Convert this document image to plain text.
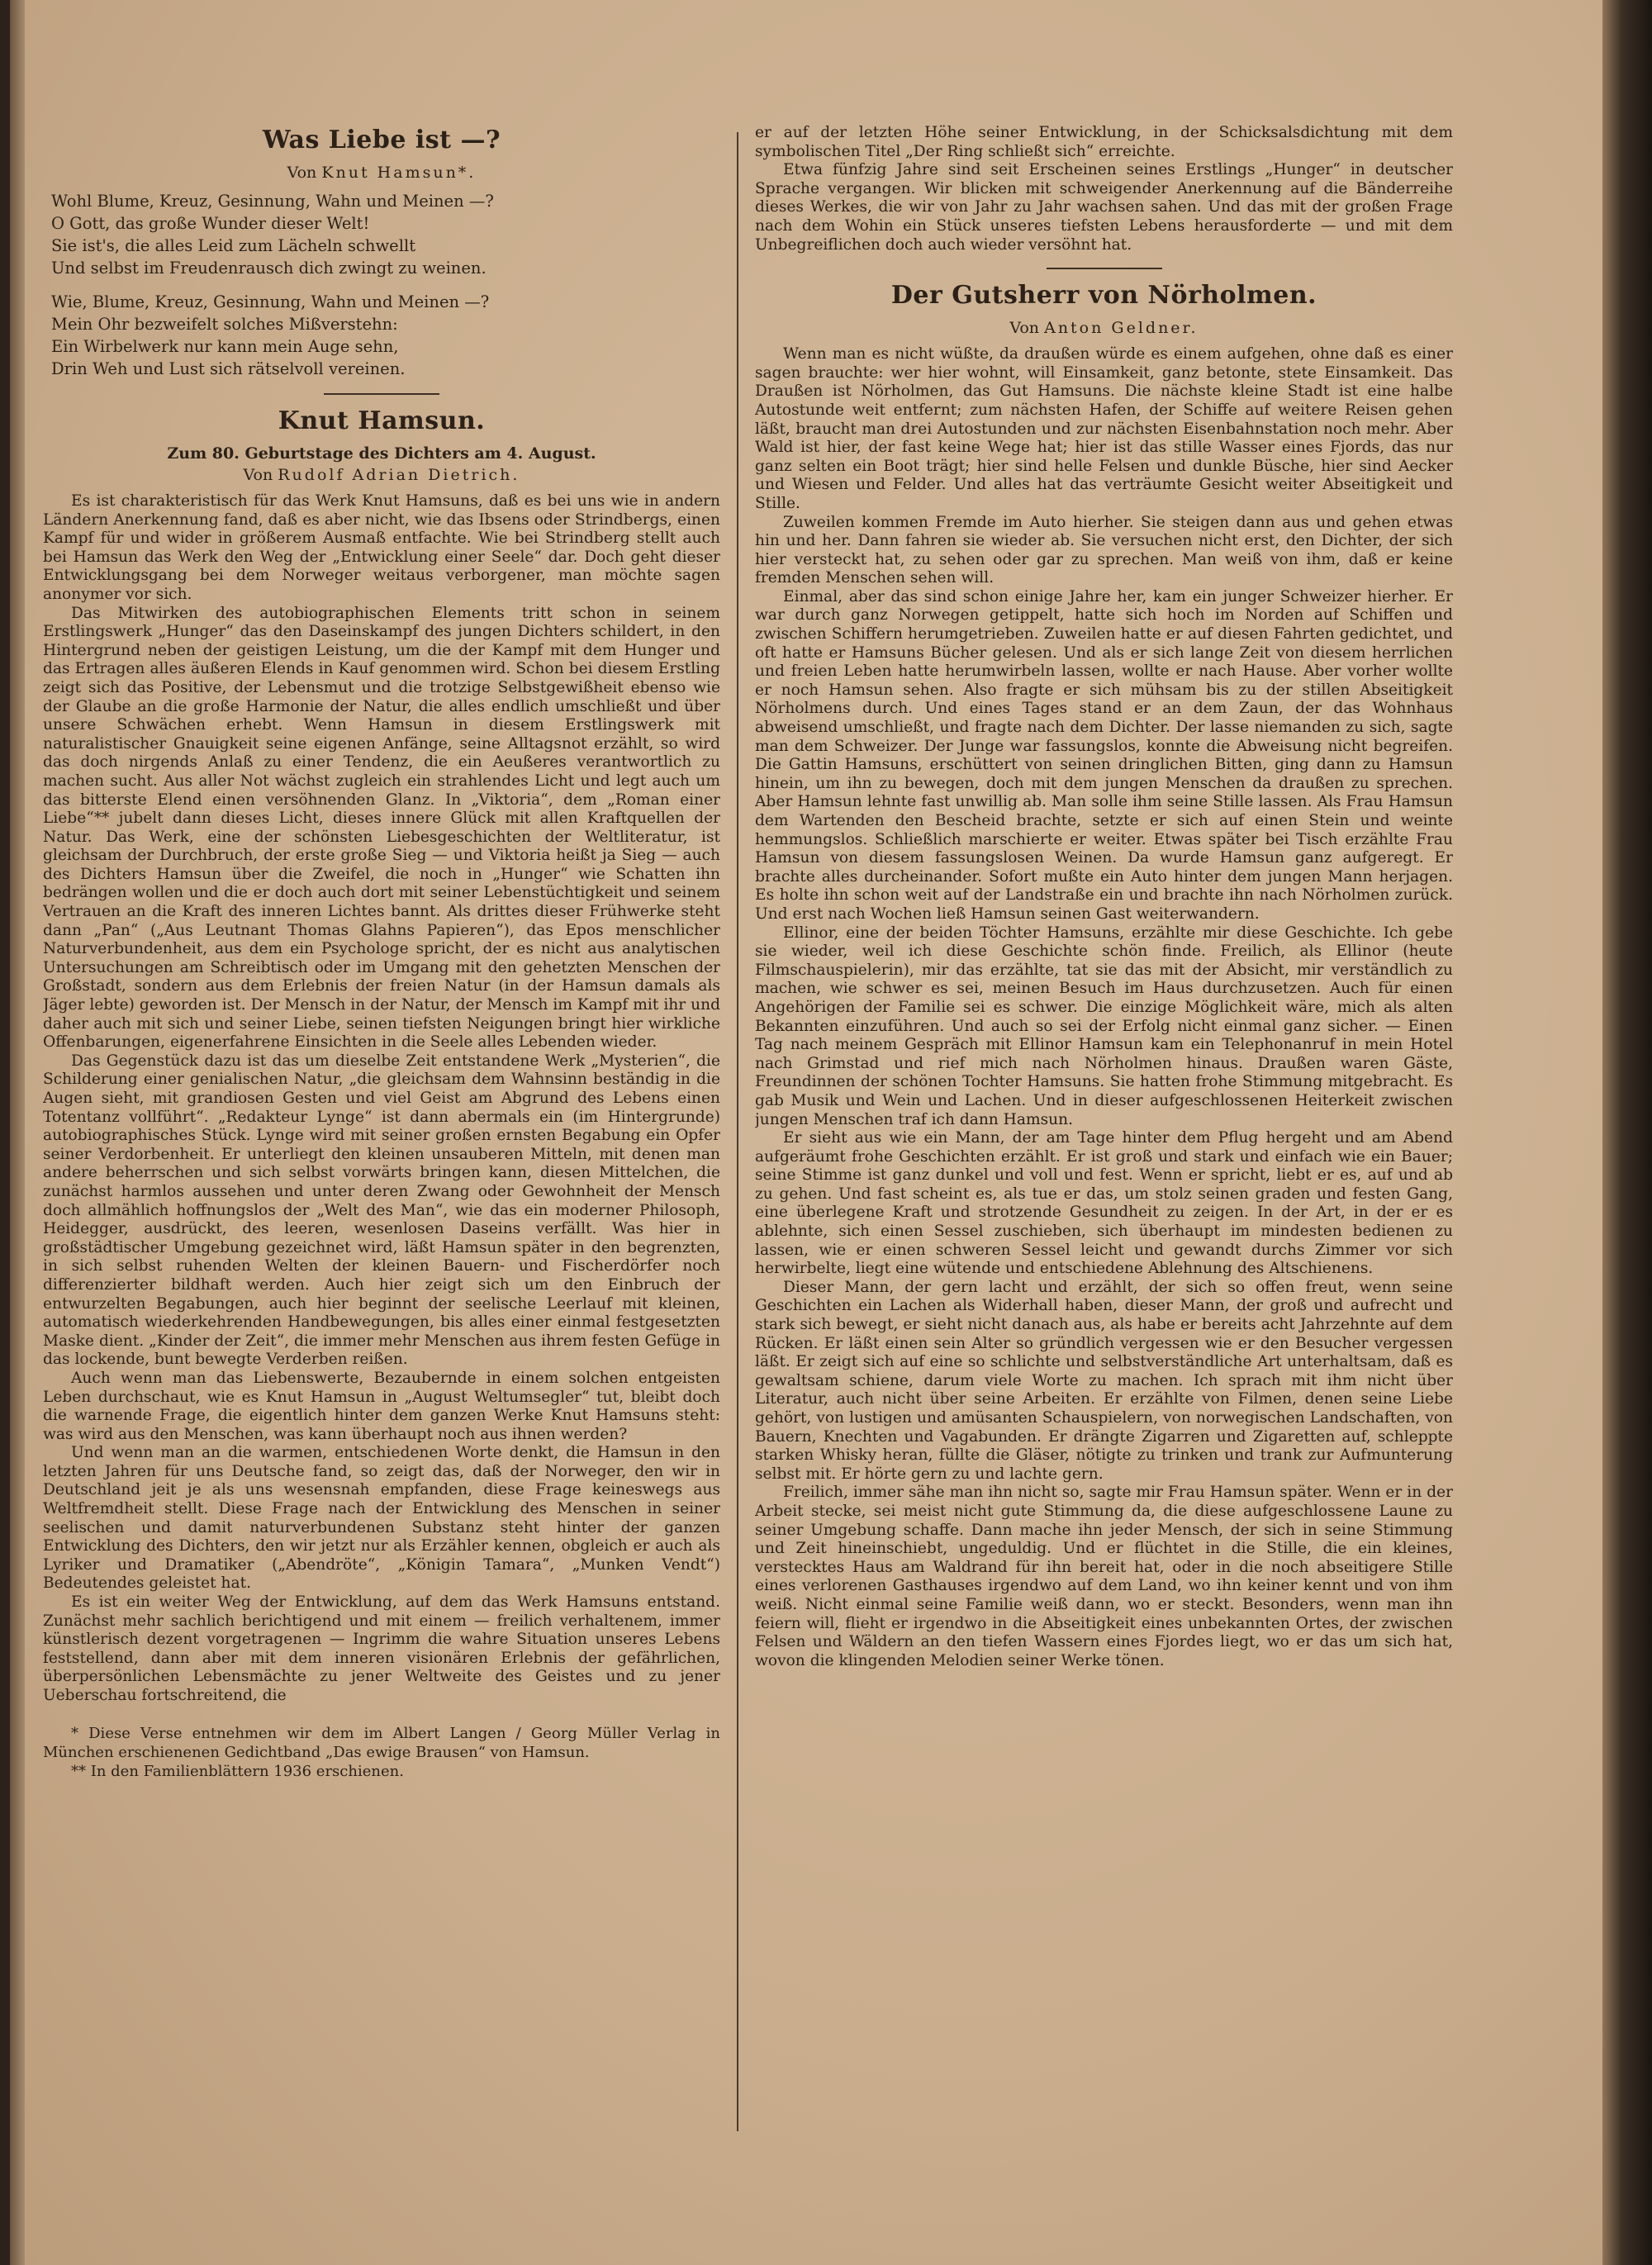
Was Liebe ist —?
Von Knut Hamsun*.
Wohl Blume, Kreuz, Gesinnung, Wahn und Meinen —?
O Gott, das große Wunder dieser Welt!
Sie ist's, die alles Leid zum Lächeln schwellt
Und selbst im Freudenrausch dich zwingt zu weinen.
Wie, Blume, Kreuz, Gesinnung, Wahn und Meinen —?
Mein Ohr bezweifelt solches Mißverstehn:
Ein Wirbelwerk nur kann mein Auge sehn,
Drin Weh und Lust sich rätselvoll vereinen.
Knut Hamsun.
Zum 80. Geburtstage des Dichters am 4. August.
Von Rudolf Adrian Dietrich.

Es ist charakteristisch für das Werk Knut Hamsuns, daß es bei uns wie in andern Ländern Anerkennung fand, daß es aber nicht, wie das Ibsens oder Strindbergs, einen Kampf für und wider in größerem Ausmaß entfachte. Wie bei Strindberg stellt auch bei Hamsun das Werk den Weg der „Entwicklung einer Seele“ dar. Doch geht dieser Entwicklungsgang bei dem Norweger weitaus verborgener, man möchte sagen anonymer vor sich.

Das Mitwirken des autobiographischen Elements tritt schon in seinem Erstlingswerk „Hunger“ das den Daseinskampf des jungen Dichters schildert, in den Hintergrund neben der geistigen Leistung, um die der Kampf mit dem Hunger und das Ertragen alles äußeren Elends in Kauf genommen wird. Schon bei diesem Erstling zeigt sich das Positive, der Lebensmut und die trotzige Selbstgewißheit ebenso wie der Glaube an die große Harmonie der Natur, die alles endlich umschließt und über unsere Schwächen erhebt. Wenn Hamsun in diesem Erstlingswerk mit naturalistischer Gnauigkeit seine eigenen Anfänge, seine Alltagsnot erzählt, so wird das doch nirgends Anlaß zu einer Tendenz, die ein Aeußeres verantwortlich zu machen sucht. Aus aller Not wächst zugleich ein strahlendes Licht und legt auch um das bitterste Elend einen versöhnenden Glanz. In „Viktoria“, dem „Roman einer Liebe“** jubelt dann dieses Licht, dieses innere Glück mit allen Kraftquellen der Natur. Das Werk, eine der schönsten Liebesgeschichten der Weltliteratur, ist gleichsam der Durchbruch, der erste große Sieg — und Viktoria heißt ja Sieg — auch des Dichters Hamsun über die Zweifel, die noch in „Hunger“ wie Schatten ihn bedrängen wollen und die er doch auch dort mit seiner Lebenstüchtigkeit und seinem Vertrauen an die Kraft des inneren Lichtes bannt. Als drittes dieser Frühwerke steht dann „Pan“ („Aus Leutnant Thomas Glahns Papieren“), das Epos menschlicher Naturverbundenheit, aus dem ein Psychologe spricht, der es nicht aus analytischen Untersuchungen am Schreibtisch oder im Umgang mit den gehetzten Menschen der Großstadt, sondern aus dem Erlebnis der freien Natur (in der Hamsun damals als Jäger lebte) geworden ist. Der Mensch in der Natur, der Mensch im Kampf mit ihr und daher auch mit sich und seiner Liebe, seinen tiefsten Neigungen bringt hier wirkliche Offenbarungen, eigenerfahrene Einsichten in die Seele alles Lebenden wieder.

Das Gegenstück dazu ist das um dieselbe Zeit entstandene Werk „Mysterien“, die Schilderung einer genialischen Natur, „die gleichsam dem Wahnsinn beständig in die Augen sieht, mit grandiosen Gesten und viel Geist am Abgrund des Lebens einen Totentanz vollführt“. „Redakteur Lynge“ ist dann abermals ein (im Hintergrunde) autobiographisches Stück. Lynge wird mit seiner großen ernsten Begabung ein Opfer seiner Verdorbenheit. Er unterliegt den kleinen unsauberen Mitteln, mit denen man andere beherrschen und sich selbst vorwärts bringen kann, diesen Mittelchen, die zunächst harmlos aussehen und unter deren Zwang oder Gewohnheit der Mensch doch allmählich hoffnungslos der „Welt des Man“, wie das ein moderner Philosoph, Heidegger, ausdrückt, des leeren, wesenlosen Daseins verfällt. Was hier in großstädtischer Umgebung gezeichnet wird, läßt Hamsun später in den begrenzten, in sich selbst ruhenden Welten der kleinen Bauern- und Fischerdörfer noch differenzierter bildhaft werden. Auch hier zeigt sich um den Einbruch der entwurzelten Begabungen, auch hier beginnt der seelische Leerlauf mit kleinen, automatisch wiederkehrenden Handbewegungen, bis alles einer einmal festgesetzten Maske dient. „Kinder der Zeit“, die immer mehr Menschen aus ihrem festen Gefüge in das lockende, bunt bewegte Verderben reißen.

Auch wenn man das Liebenswerte, Bezaubernde in einem solchen entgeisten Leben durchschaut, wie es Knut Hamsun in „August Weltumsegler“ tut, bleibt doch die warnende Frage, die eigentlich hinter dem ganzen Werke Knut Hamsuns steht: was wird aus den Menschen, was kann überhaupt noch aus ihnen werden?

Und wenn man an die warmen, entschiedenen Worte denkt, die Hamsun in den letzten Jahren für uns Deutsche fand, so zeigt das, daß der Norweger, den wir in Deutschland jeit je als uns wesensnah empfanden, diese Frage keineswegs aus Weltfremdheit stellt. Diese Frage nach der Entwicklung des Menschen in seiner seelischen und damit naturverbundenen Substanz steht hinter der ganzen Entwicklung des Dichters, den wir jetzt nur als Erzähler kennen, obgleich er auch als Lyriker und Dramatiker („Abendröte“, „Königin Tamara“, „Munken Vendt“) Bedeutendes geleistet hat.

Es ist ein weiter Weg der Entwicklung, auf dem das Werk Hamsuns entstand. Zunächst mehr sachlich berichtigend und mit einem — freilich verhaltenem, immer künstlerisch dezent vorgetragenen — Ingrimm die wahre Situation unseres Lebens feststellend, dann aber mit dem inneren visionären Erlebnis der gefährlichen, überpersönlichen Lebensmächte zu jener Weltweite des Geistes und zu jener Ueberschau fortschreitend, die

* Diese Verse entnehmen wir dem im Albert Langen / Georg Müller Verlag in München erschienenen Gedichtband „Das ewige Brausen“ von Hamsun.

** In den Familienblättern 1936 erschienen.

er auf der letzten Höhe seiner Entwicklung, in der Schicksalsdichtung mit dem symbolischen Titel „Der Ring schließt sich“ erreichte.

Etwa fünfzig Jahre sind seit Erscheinen seines Erstlings „Hunger“ in deutscher Sprache vergangen. Wir blicken mit schweigender Anerkennung auf die Bänderreihe dieses Werkes, die wir von Jahr zu Jahr wachsen sahen. Und das mit der großen Frage nach dem Wohin ein Stück unseres tiefsten Lebens herausforderte — und mit dem Unbegreiflichen doch auch wieder versöhnt hat.

Der Gutsherr von Nörholmen.
Von Anton Geldner.

Wenn man es nicht wüßte, da draußen würde es einem aufgehen, ohne daß es einer sagen brauchte: wer hier wohnt, will Einsamkeit, ganz betonte, stete Einsamkeit. Das Draußen ist Nörholmen, das Gut Hamsuns. Die nächste kleine Stadt ist eine halbe Autostunde weit entfernt; zum nächsten Hafen, der Schiffe auf weitere Reisen gehen läßt, braucht man drei Autostunden und zur nächsten Eisenbahnstation noch mehr. Aber Wald ist hier, der fast keine Wege hat; hier ist das stille Wasser eines Fjords, das nur ganz selten ein Boot trägt; hier sind helle Felsen und dunkle Büsche, hier sind Aecker und Wiesen und Felder. Und alles hat das verträumte Gesicht weiter Abseitigkeit und Stille.

Zuweilen kommen Fremde im Auto hierher. Sie steigen dann aus und gehen etwas hin und her. Dann fahren sie wieder ab. Sie versuchen nicht erst, den Dichter, der sich hier versteckt hat, zu sehen oder gar zu sprechen. Man weiß von ihm, daß er keine fremden Menschen sehen will.

Einmal, aber das sind schon einige Jahre her, kam ein junger Schweizer hierher. Er war durch ganz Norwegen getippelt, hatte sich hoch im Norden auf Schiffen und zwischen Schiffern herumgetrieben. Zuweilen hatte er auf diesen Fahrten gedichtet, und oft hatte er Hamsuns Bücher gelesen. Und als er sich lange Zeit von diesem herrlichen und freien Leben hatte herumwirbeln lassen, wollte er nach Hause. Aber vorher wollte er noch Hamsun sehen. Also fragte er sich mühsam bis zu der stillen Abseitigkeit Nörholmens durch. Und eines Tages stand er an dem Zaun, der das Wohnhaus abweisend umschließt, und fragte nach dem Dichter. Der lasse niemanden zu sich, sagte man dem Schweizer. Der Junge war fassungslos, konnte die Abweisung nicht begreifen. Die Gattin Hamsuns, erschüttert von seinen dringlichen Bitten, ging dann zu Hamsun hinein, um ihn zu bewegen, doch mit dem jungen Menschen da draußen zu sprechen. Aber Hamsun lehnte fast unwillig ab. Man solle ihm seine Stille lassen. Als Frau Hamsun dem Wartenden den Bescheid brachte, setzte er sich auf einen Stein und weinte hemmungslos. Schließlich marschierte er weiter. Etwas später bei Tisch erzählte Frau Hamsun von diesem fassungslosen Weinen. Da wurde Hamsun ganz aufgeregt. Er brachte alles durcheinander. Sofort mußte ein Auto hinter dem jungen Mann herjagen. Es holte ihn schon weit auf der Landstraße ein und brachte ihn nach Nörholmen zurück. Und erst nach Wochen ließ Hamsun seinen Gast weiterwandern.

Ellinor, eine der beiden Töchter Hamsuns, erzählte mir diese Geschichte. Ich gebe sie wieder, weil ich diese Geschichte schön finde. Freilich, als Ellinor (heute Filmschauspielerin), mir das erzählte, tat sie das mit der Absicht, mir verständlich zu machen, wie schwer es sei, meinen Besuch im Haus durchzusetzen. Auch für einen Angehörigen der Familie sei es schwer. Die einzige Möglichkeit wäre, mich als alten Bekannten einzuführen. Und auch so sei der Erfolg nicht einmal ganz sicher. — Einen Tag nach meinem Gespräch mit Ellinor Hamsun kam ein Telephonanruf in mein Hotel nach Grimstad und rief mich nach Nörholmen hinaus. Draußen waren Gäste, Freundinnen der schönen Tochter Hamsuns. Sie hatten frohe Stimmung mitgebracht. Es gab Musik und Wein und Lachen. Und in dieser aufgeschlossenen Heiterkeit zwischen jungen Menschen traf ich dann Hamsun.

Er sieht aus wie ein Mann, der am Tage hinter dem Pflug hergeht und am Abend aufgeräumt frohe Geschichten erzählt. Er ist groß und stark und einfach wie ein Bauer; seine Stimme ist ganz dunkel und voll und fest. Wenn er spricht, liebt er es, auf und ab zu gehen. Und fast scheint es, als tue er das, um stolz seinen graden und festen Gang, eine überlegene Kraft und strotzende Gesundheit zu zeigen. In der Art, in der er es ablehnte, sich einen Sessel zuschieben, sich überhaupt im mindesten bedienen zu lassen, wie er einen schweren Sessel leicht und gewandt durchs Zimmer vor sich herwirbelte, liegt eine wütende und entschiedene Ablehnung des Altschienens.

Dieser Mann, der gern lacht und erzählt, der sich so offen freut, wenn seine Geschichten ein Lachen als Widerhall haben, dieser Mann, der groß und aufrecht und stark sich bewegt, er sieht nicht danach aus, als habe er bereits acht Jahrzehnte auf dem Rücken. Er läßt einen sein Alter so gründlich vergessen wie er den Besucher vergessen läßt. Er zeigt sich auf eine so schlichte und selbstverständliche Art unterhaltsam, daß es gewaltsam schiene, darum viele Worte zu machen. Ich sprach mit ihm nicht über Literatur, auch nicht über seine Arbeiten. Er erzählte von Filmen, denen seine Liebe gehört, von lustigen und amüsanten Schauspielern, von norwegischen Landschaften, von Bauern, Knechten und Vagabunden. Er drängte Zigarren und Zigaretten auf, schleppte starken Whisky heran, füllte die Gläser, nötigte zu trinken und trank zur Aufmunterung selbst mit. Er hörte gern zu und lachte gern.

Freilich, immer sähe man ihn nicht so, sagte mir Frau Hamsun später. Wenn er in der Arbeit stecke, sei meist nicht gute Stimmung da, die diese aufgeschlossene Laune zu seiner Umgebung schaffe. Dann mache ihn jeder Mensch, der sich in seine Stimmung und Zeit hineinschiebt, ungeduldig. Und er flüchtet in die Stille, die ein kleines, verstecktes Haus am Waldrand für ihn bereit hat, oder in die noch abseitigere Stille eines verlorenen Gasthauses irgendwo auf dem Land, wo ihn keiner kennt und von ihm weiß. Nicht einmal seine Familie weiß dann, wo er steckt. Besonders, wenn man ihn feiern will, flieht er irgendwo in die Abseitigkeit eines unbekannten Ortes, der zwischen Felsen und Wäldern an den tiefen Wassern eines Fjordes liegt, wo er das um sich hat, wovon die klingenden Melodien seiner Werke tönen.
